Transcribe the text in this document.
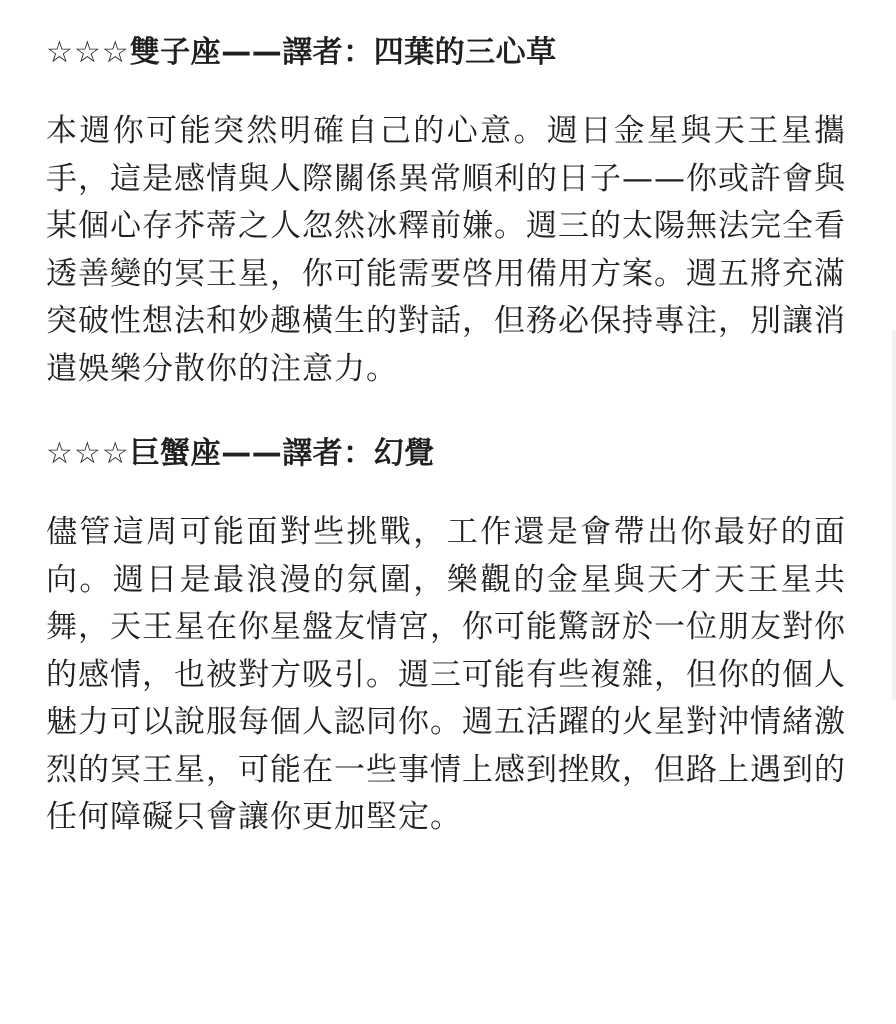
☆☆☆雙子座——譯者：四葉的三心草

本週你可能突然明確自己的心意。週日金星與天王星攜手，這是感情與人際關係異常順利的日子——你或許會與某個心存芥蒂之人忽然冰釋前嫌。週三的太陽無法完全看透善變的冥王星，你可能需要啓用備用方案。週五將充滿突破性想法和妙趣橫生的對話，但務必保持專注，別讓消遣娛樂分散你的注意力。

☆☆☆巨蟹座——譯者：幻覺

儘管這周可能面對些挑戰，工作還是會帶出你最好的面向。週日是最浪漫的氛圍，樂觀的金星與天才天王星共舞，天王星在你星盤友情宮，你可能驚訝於一位朋友對你的感情，也被對方吸引。週三可能有些複雜，但你的個人魅力可以說服每個人認同你。週五活躍的火星對沖情緒激烈的冥王星，可能在一些事情上感到挫敗，但路上遇到的任何障礙只會讓你更加堅定。
